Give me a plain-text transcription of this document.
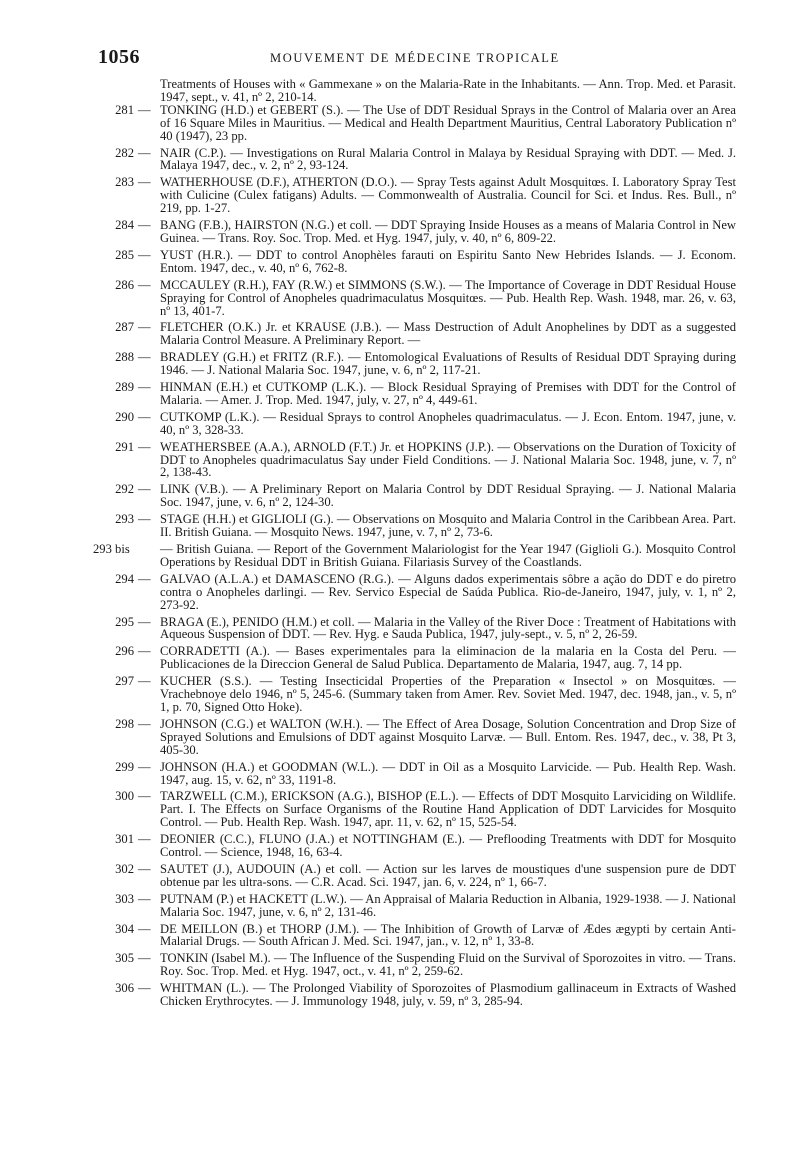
1056	MOUVEMENT DE MÉDECINE TROPICALE
Treatments of Houses with « Gammexane » on the Malaria-Rate in the Inhabitants. — Ann. Trop. Med. et Parasit. 1947, sept., v. 41, nº 2, 210-14.
281 — TONKING (H.D.) et GEBERT (S.). — The Use of DDT Residual Sprays in the Control of Malaria over an Area of 16 Square Miles in Mauritius. — Medical and Health Department Mauritius, Central Laboratory Publication nº 40 (1947), 23 pp.
282 — NAIR (C.P.). — Investigations on Rural Malaria Control in Malaya by Residual Spraying with DDT. — Med. J. Malaya 1947, dec., v. 2, nº 2, 93-124.
283 — WATHERHOUSE (D.F.), ATHERTON (D.O.). — Spray Tests against Adult Mosquitœs. I. Laboratory Spray Test with Culicine (Culex fatigans) Adults. — Commonwealth of Australia. Council for Sci. et Indus. Res. Bull., nº 219, pp. 1-27.
284 — BANG (F.B.), HAIRSTON (N.G.) et coll. — DDT Spraying Inside Houses as a means of Malaria Control in New Guinea. — Trans. Roy. Soc. Trop. Med. et Hyg. 1947, july, v. 40, nº 6, 809-22.
285 — YUST (H.R.). — DDT to control Anophèles farauti on Espiritu Santo New Hebrides Islands. — J. Econom. Entom. 1947, dec., v. 40, nº 6, 762-8.
286 — MCCAULEY (R.H.), FAY (R.W.) et SIMMONS (S.W.). — The Importance of Coverage in DDT Residual House Spraying for Control of Anopheles quadrimaculatus Mosquitœs. — Pub. Health Rep. Wash. 1948, mar. 26, v. 63, nº 13, 401-7.
287 — FLETCHER (O.K.) Jr. et KRAUSE (J.B.). — Mass Destruction of Adult Anophelines by DDT as a suggested Malaria Control Measure. A Preliminary Report. —
288 — BRADLEY (G.H.) et FRITZ (R.F.). — Entomological Evaluations of Results of Residual DDT Spraying during 1946. — J. National Malaria Soc. 1947, june, v. 6, nº 2, 117-21.
289 — HINMAN (E.H.) et CUTKOMP (L.K.). — Block Residual Spraying of Premises with DDT for the Control of Malaria. — Amer. J. Trop. Med. 1947, july, v. 27, nº 4, 449-61.
290 — CUTKOMP (L.K.). — Residual Sprays to control Anopheles quadrimaculatus. — J. Econ. Entom. 1947, june, v. 40, nº 3, 328-33.
291 — WEATHERSBEE (A.A.), ARNOLD (F.T.) Jr. et HOPKINS (J.P.). — Observations on the Duration of Toxicity of DDT to Anopheles quadrimaculatus Say under Field Conditions. — J. National Malaria Soc. 1948, june, v. 7, nº 2, 138-43.
292 — LINK (V.B.). — A Preliminary Report on Malaria Control by DDT Residual Spraying. — J. National Malaria Soc. 1947, june, v. 6, nº 2, 124-30.
293 — STAGE (H.H.) et GIGLIOLI (G.). — Observations on Mosquito and Malaria Control in the Caribbean Area. Part. II. British Guiana. — Mosquito News. 1947, june, v. 7, nº 2, 73-6.
293 bis	— British Guiana. — Report of the Government Malariologist for the Year 1947 (Giglioli G.). Mosquito Control Operations by Residual DDT in British Guiana. Filariasis Survey of the Coastlands.
294 — GALVAO (A.L.A.) et DAMASCENO (R.G.). — Alguns dados experimentais sôbre a ação do DDT e do piretro contra o Anopheles darlingi. — Rev. Servico Especial de Saúda Publica. Rio-de-Janeiro, 1947, july, v. 1, nº 2, 273-92.
295 — BRAGA (E.), PENIDO (H.M.) et coll. — Malaria in the Valley of the River Doce : Treatment of Habitations with Aqueous Suspension of DDT. — Rev. Hyg. e Sauda Publica, 1947, july-sept., v. 5, nº 2, 26-59.
296 — CORRADETTI (A.). — Bases experimentales para la eliminacion de la malaria en la Costa del Peru. — Publicaciones de la Direccion General de Salud Publica. Departamento de Malaria, 1947, aug. 7, 14 pp.
297 — KUCHER (S.S.). — Testing Insecticidal Properties of the Preparation « Insectol » on Mosquitœs. — Vrachebnoye delo 1946, nº 5, 245-6. (Summary taken from Amer. Rev. Soviet Med. 1947, dec. 1948, jan., v. 5, nº 1, p. 70, Signed Otto Hoke).
298 — JOHNSON (C.G.) et WALTON (W.H.). — The Effect of Area Dosage, Solution Concentration and Drop Size of Sprayed Solutions and Emulsions of DDT against Mosquito Larvæ. — Bull. Entom. Res. 1947, dec., v. 38, Pt 3, 405-30.
299 — JOHNSON (H.A.) et GOODMAN (W.L.). — DDT in Oil as a Mosquito Larvicide. — Pub. Health Rep. Wash. 1947, aug. 15, v. 62, nº 33, 1191-8.
300 — TARZWELL (C.M.), ERICKSON (A.G.), BISHOP (E.L.). — Effects of DDT Mosquito Larviciding on Wildlife. Part. I. The Effects on Surface Organisms of the Routine Hand Application of DDT Larvicides for Mosquito Control. — Pub. Health Rep. Wash. 1947, apr. 11, v. 62, nº 15, 525-54.
301 — DEONIER (C.C.), FLUNO (J.A.) et NOTTINGHAM (E.). — Preflooding Treatments with DDT for Mosquito Control. — Science, 1948, 16, 63-4.
302 — SAUTET (J.), AUDOUIN (A.) et coll. — Action sur les larves de moustiques d'une suspension pure de DDT obtenue par les ultra-sons. — C.R. Acad. Sci. 1947, jan. 6, v. 224, nº 1, 66-7.
303 — PUTNAM (P.) et HACKETT (L.W.). — An Appraisal of Malaria Reduction in Albania, 1929-1938. — J. National Malaria Soc. 1947, june, v. 6, nº 2, 131-46.
304 — DE MEILLON (B.) et THORP (J.M.). — The Inhibition of Growth of Larvæ of Ædes ægypti by certain Anti-Malarial Drugs. — South African J. Med. Sci. 1947, jan., v. 12, nº 1, 33-8.
305 — TONKIN (Isabel M.). — The Influence of the Suspending Fluid on the Survival of Sporozoites in vitro. — Trans. Roy. Soc. Trop. Med. et Hyg. 1947, oct., v. 41, nº 2, 259-62.
306 — WHITMAN (L.). — The Prolonged Viability of Sporozoites of Plasmodium gallinaceum in Extracts of Washed Chicken Erythrocytes. — J. Immunology 1948, july, v. 59, nº 3, 285-94.
